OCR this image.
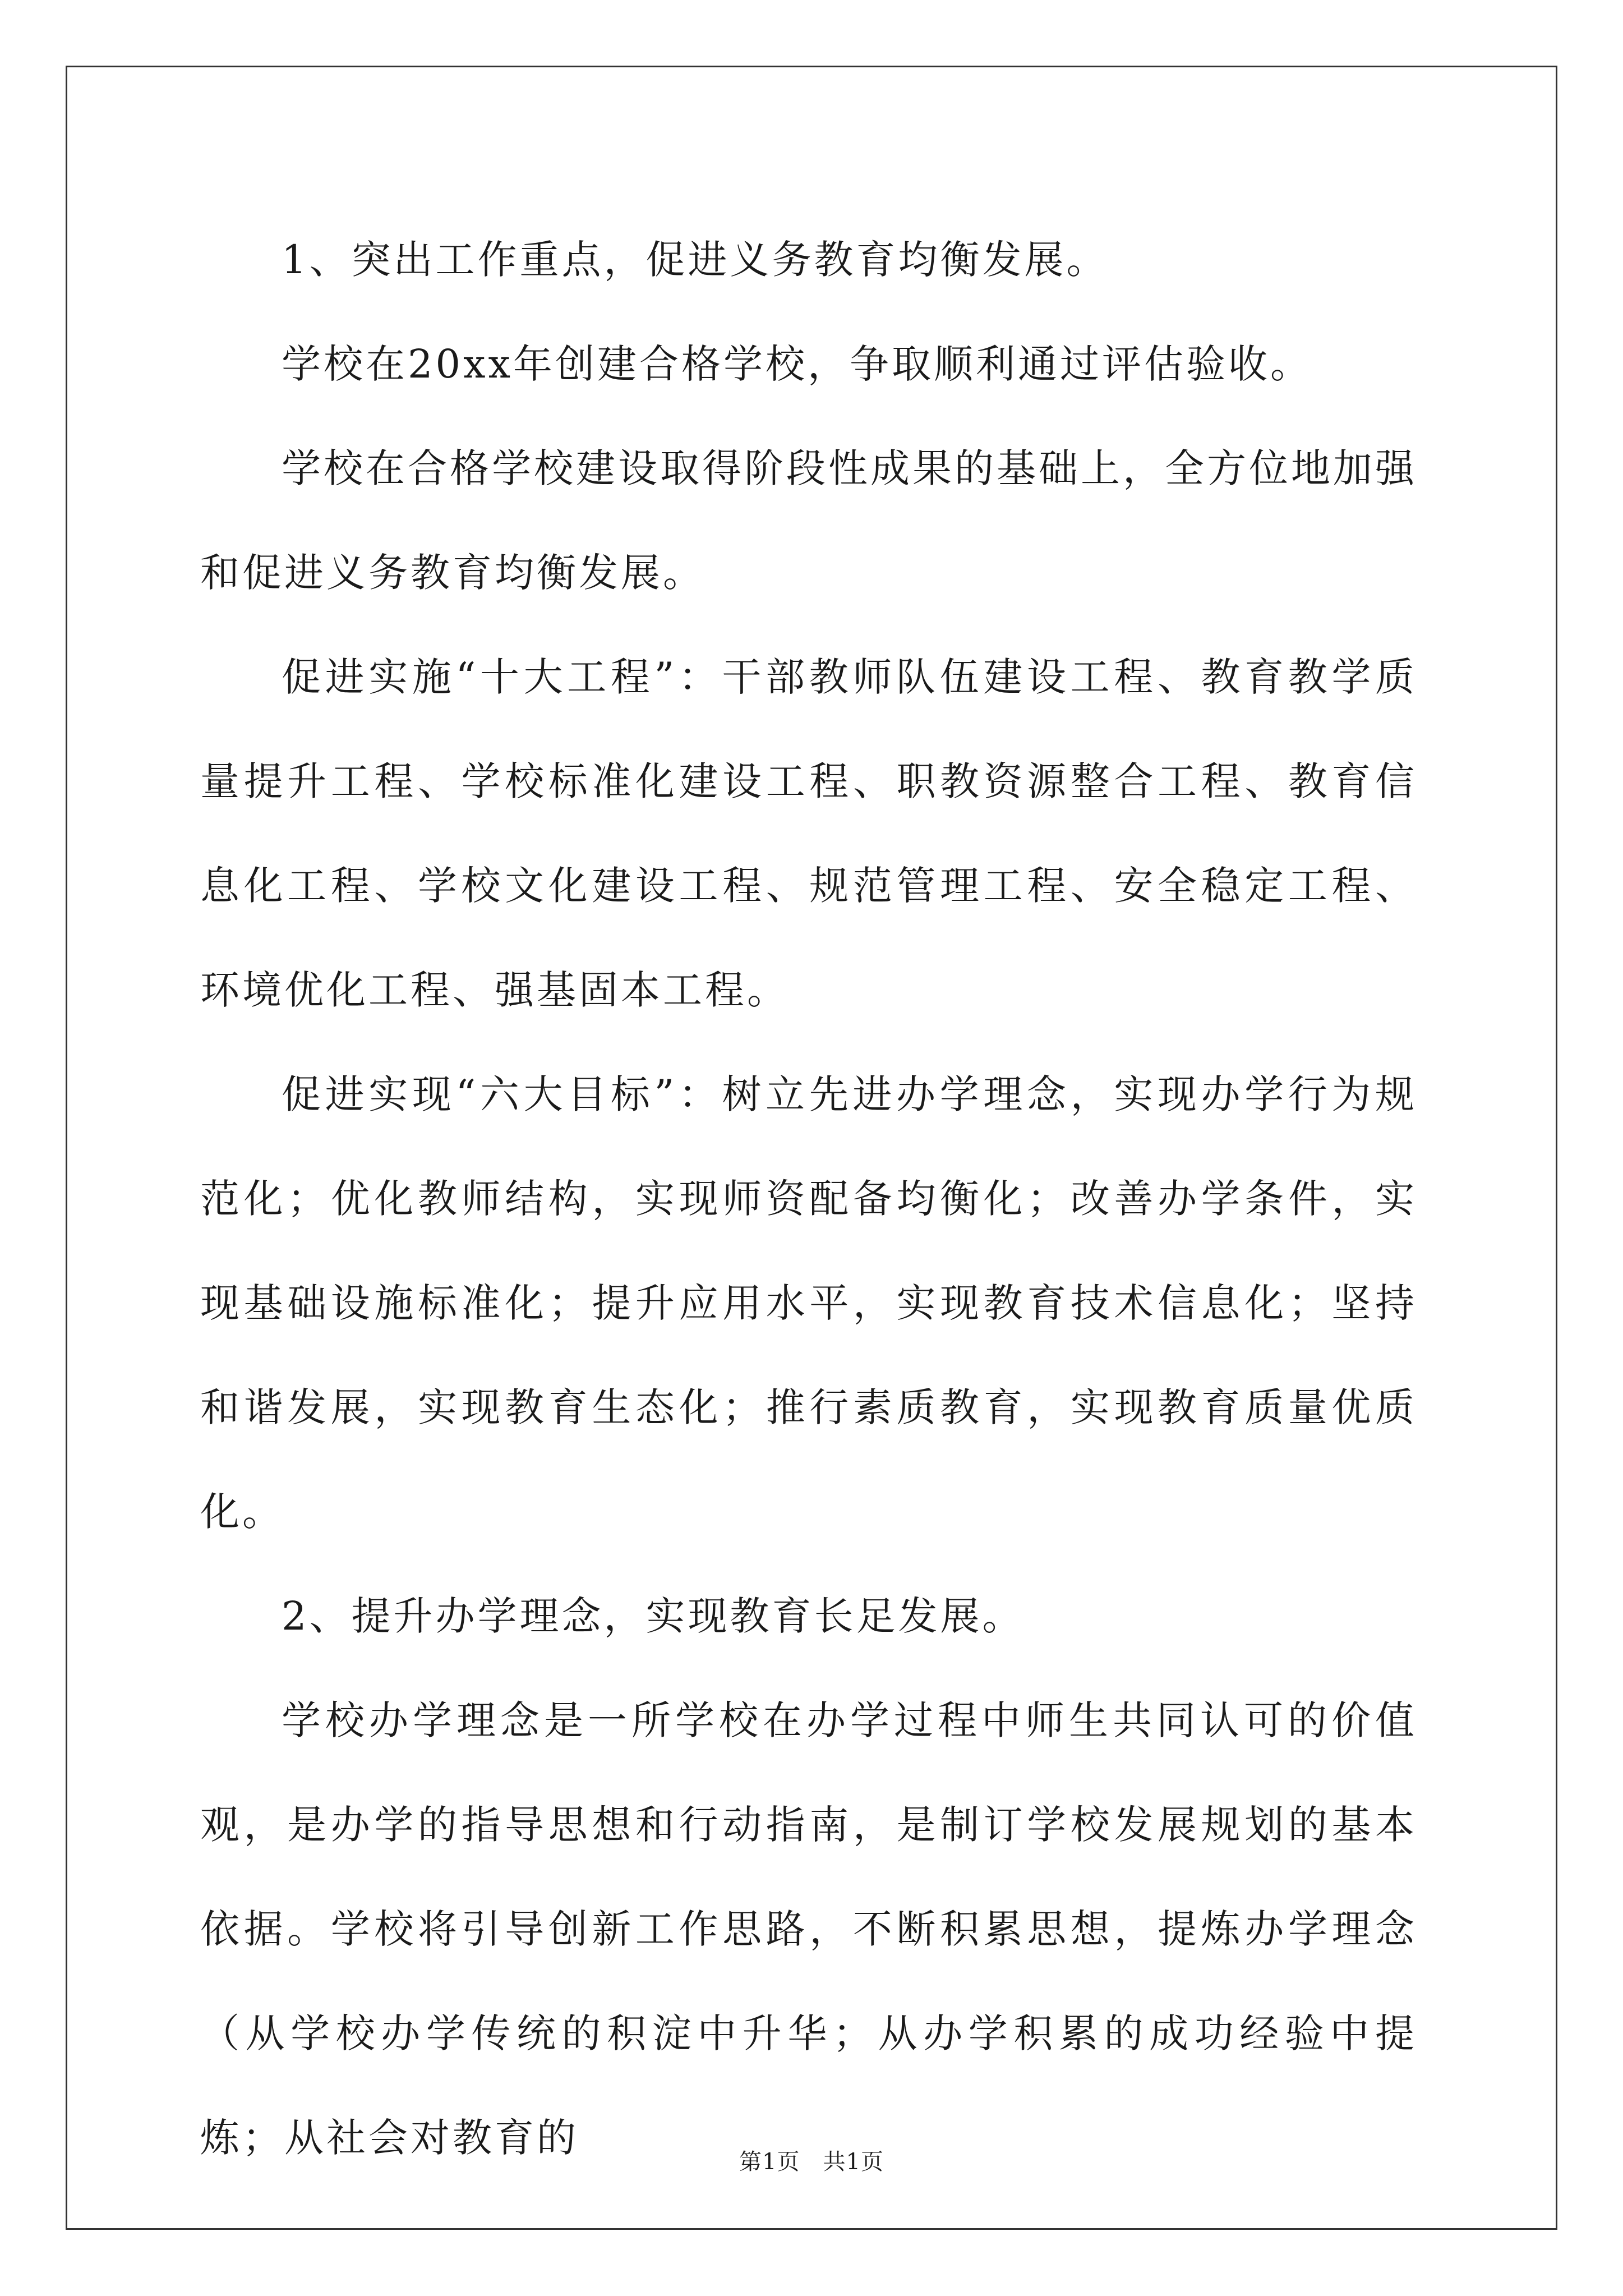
1、突出工作重点，促进义务教育均衡发展。

学校在20xx年创建合格学校，争取顺利通过评估验收。

学校在合格学校建设取得阶段性成果的基础上，全方位地加强和促进义务教育均衡发展。

促进实施“十大工程”：干部教师队伍建设工程、教育教学质量提升工程、学校标准化建设工程、职教资源整合工程、教育信息化工程、学校文化建设工程、规范管理工程、安全稳定工程、环境优化工程、强基固本工程。

促进实现“六大目标”：树立先进办学理念，实现办学行为规范化；优化教师结构，实现师资配备均衡化；改善办学条件，实现基础设施标准化；提升应用水平，实现教育技术信息化；坚持和谐发展，实现教育生态化；推行素质教育，实现教育质量优质化。

2、提升办学理念，实现教育长足发展。

学校办学理念是一所学校在办学过程中师生共同认可的价值观，是办学的指导思想和行动指南，是制订学校发展规划的基本依据。学校将引导创新工作思路，不断积累思想，提炼办学理念（从学校办学传统的积淀中升华；从办学积累的成功经验中提炼；从社会对教育的

第1页　共1页
